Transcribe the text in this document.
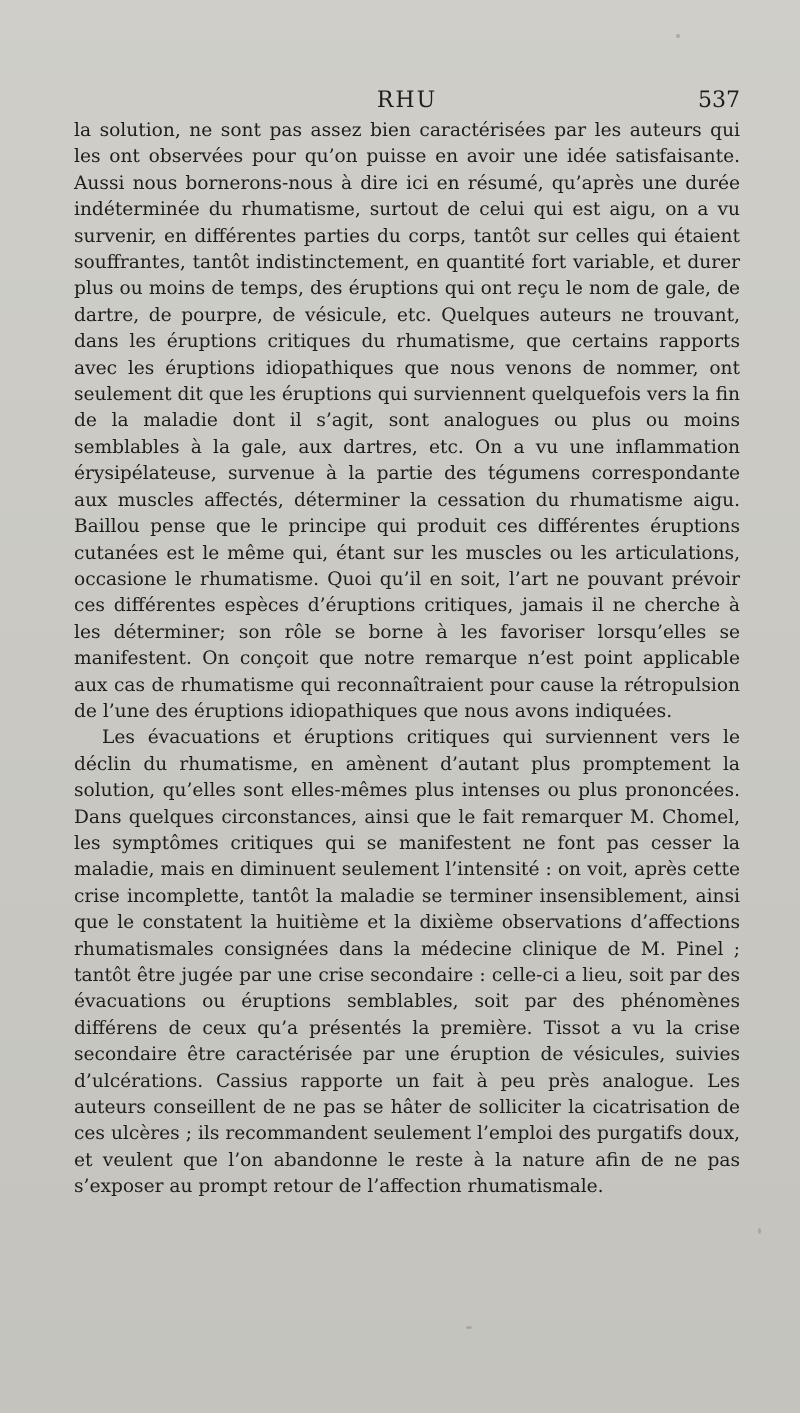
RHU	537

la solution, ne sont pas assez bien caractérisées par les auteurs qui les ont observées pour qu’on puisse en avoir une idée satisfaisante. Aussi nous bornerons-nous à dire ici en résumé, qu’après une durée indéterminée du rhumatisme, surtout de celui qui est aigu, on a vu survenir, en différentes parties du corps, tantôt sur celles qui étaient souffrantes, tantôt indistinctement, en quantité fort variable, et durer plus ou moins de temps, des éruptions qui ont reçu le nom de gale, de dartre, de pourpre, de vésicule, etc. Quelques auteurs ne trouvant, dans les éruptions critiques du rhumatisme, que certains rapports avec les éruptions idiopathiques que nous venons de nommer, ont seulement dit que les éruptions qui surviennent quelquefois vers la fin de la maladie dont il s’agit, sont analogues ou plus ou moins semblables à la gale, aux dartres, etc. On a vu une inflammation érysipélateuse, survenue à la partie des tégumens correspondante aux muscles affectés, déterminer la cessation du rhumatisme aigu. Baillou pense que le principe qui produit ces différentes éruptions cutanées est le même qui, étant sur les muscles ou les articulations, occasione le rhumatisme. Quoi qu’il en soit, l’art ne pouvant prévoir ces différentes espèces d’éruptions critiques, jamais il ne cherche à les déterminer; son rôle se borne à les favoriser lorsqu’elles se manifestent. On conçoit que notre remarque n’est point applicable aux cas de rhumatisme qui reconnaîtraient pour cause la rétropulsion de l’une des éruptions idiopathiques que nous avons indiquées.

Les évacuations et éruptions critiques qui surviennent vers le déclin du rhumatisme, en amènent d’autant plus promptement la solution, qu’elles sont elles-mêmes plus intenses ou plus prononcées. Dans quelques circonstances, ainsi que le fait remarquer M. Chomel, les symptômes critiques qui se manifestent ne font pas cesser la maladie, mais en diminuent seulement l’intensité : on voit, après cette crise incomplette, tantôt la maladie se terminer insensiblement, ainsi que le constatent la huitième et la dixième observations d’affections rhumatismales consignées dans la médecine clinique de M. Pinel ; tantôt être jugée par une crise secondaire : celle-ci a lieu, soit par des évacuations ou éruptions semblables, soit par des phénomènes différens de ceux qu’a présentés la première. Tissot a vu la crise secondaire être caractérisée par une éruption de vésicules, suivies d’ulcérations. Cassius rapporte un fait à peu près analogue. Les auteurs conseillent de ne pas se hâter de solliciter la cicatrisation de ces ulcères ; ils recommandent seulement l’emploi des purgatifs doux, et veulent que l’on abandonne le reste à la nature afin de ne pas s’exposer au prompt retour de l’affection rhumatismale.
